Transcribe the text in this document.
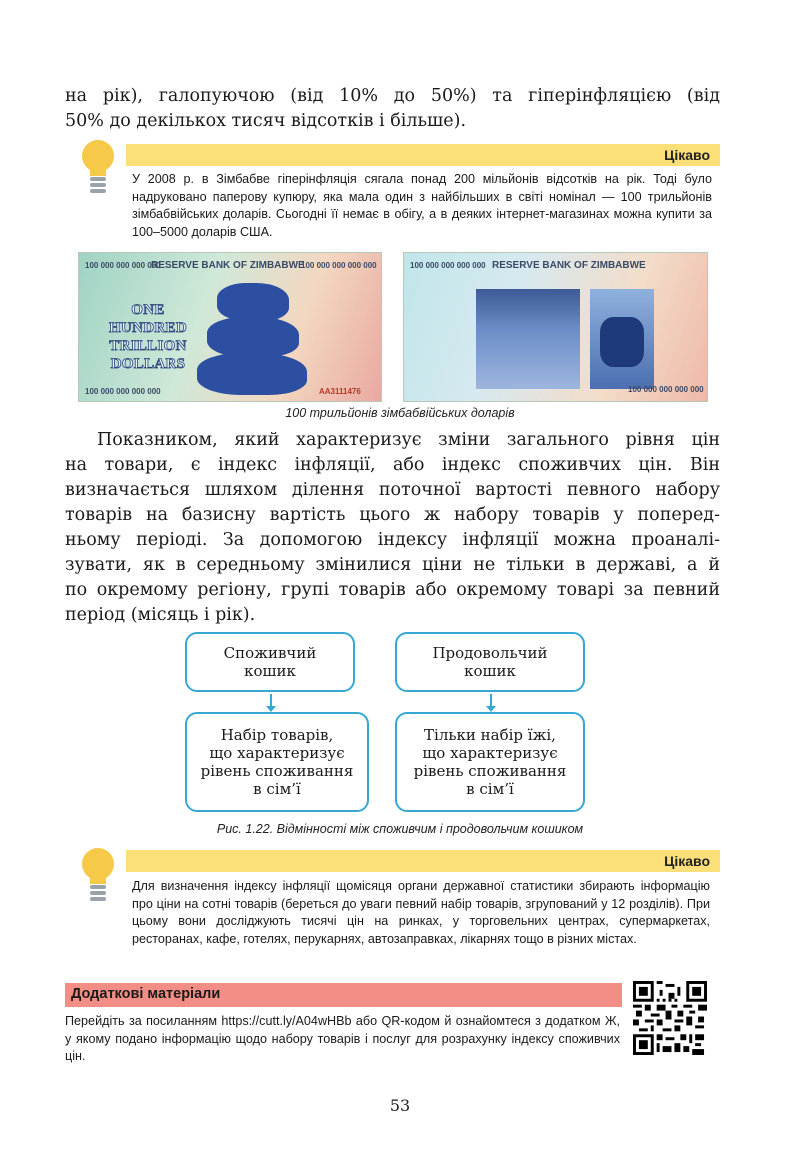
на рік), галопуючою (від 10% до 50%) та гіперінфляцією (від
50% до декількох тисяч відсотків і більше).
Цікаво
У 2008 р. в Зімбабве гіперінфляція сягала понад 200 мільйонів відсотків на рік. Тоді було надруковано паперову купюру, яка мала один з найбільших в світі номінал — 100 трильйонів зімбабвійських доларів. Сьогодні її немає в обігу, а в деяких інтернет-магазинах можна купити за 100–5000 доларів США.
100 000 000 000 000
RESERVE BANK OF ZIMBABWE
100 000 000 000 000
ONE HUNDRED
TRILLION
DOLLARS
100 000 000 000 000	AA3111476
100 000 000 000 000 RESERVE BANK OF ZIMBABWE
100 000 000 000 000
100 трильйонів зімбабвійських доларів
Показником, який характеризує зміни загального рівня цін
на товари, є індекс інфляції, або індекс споживчих цін. Він
визначається шляхом ділення поточної вартості певного набору
товарів на базисну вартість цього ж набору товарів у поперед-
ньому періоді. За допомогою індексу інфляції можна проаналі-
зувати, як в середньому змінилися ціни не тільки в державі, а й
по окремому регіону, групі товарів або окремому товарі за певний
період (місяць і рік).
Споживчий
кошик
Продовольчий
кошик
Набір товарів,
що характеризує
рівень споживання
в сім’ї
Тільки набір їжі,
що характеризує
рівень споживання
в сім’ї
Рис. 1.22. Відмінності між споживчим і продовольчим кошиком
Цікаво
Для визначення індексу інфляції щомісяця органи державної статистики збирають інформацію про ціни на сотні товарів (береться до уваги певний набір товарів, згрупований у 12 розділів). При цьому вони досліджують тисячі цін на ринках, у торговельних центрах, супермаркетах, ресторанах, кафе, готелях, перукарнях, автозаправках, лікарнях тощо в різних містах.
Додаткові матеріали
Перейдіть за посиланням https://cutt.ly/A04wHBb або QR-кодом й ознайомтеся з додатком Ж, у якому подано інформацію щодо набору товарів і послуг для розрахунку індексу споживчих цін.
53
